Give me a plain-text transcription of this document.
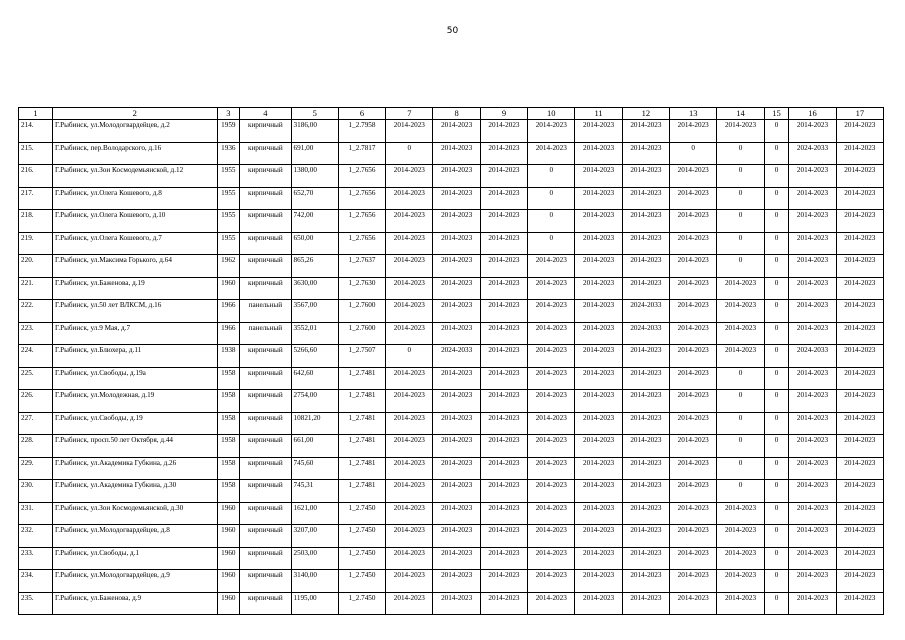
50
1	2	3	4	5	6	7	8	9	10	11	12	13	14	15	16	17
214.	Г.Рыбинск, ул.Молодогвардейцев, д.2	1959	кирпичный	3186,00	1_2.7958	2014-2023	2014-2023	2014-2023	2014-2023	2014-2023	2014-2023	2014-2023	2014-2023	0	2014-2023	2014-2023
215.	Г.Рыбинск, пер.Володарского, д.16	1936	кирпичный	691,00	1_2.7817	0	2014-2023	2014-2023	2014-2023	2014-2023	2014-2023	0	0	0	2024-2033	2014-2023
216.	Г.Рыбинск, ул.Зои Космодемьянской, д.12	1955	кирпичный	1380,00	1_2.7656	2014-2023	2014-2023	2014-2023	0	2014-2023	2014-2023	2014-2023	0	0	2014-2023	2014-2023
217.	Г.Рыбинск, ул.Олега Кошевого, д.8	1955	кирпичный	652,70	1_2.7656	2014-2023	2014-2023	2014-2023	0	2014-2023	2014-2023	2014-2023	0	0	2014-2023	2014-2023
218.	Г.Рыбинск, ул.Олега Кошевого, д.10	1955	кирпичный	742,00	1_2.7656	2014-2023	2014-2023	2014-2023	0	2014-2023	2014-2023	2014-2023	0	0	2014-2023	2014-2023
219.	Г.Рыбинск, ул.Олега Кошевого, д.7	1955	кирпичный	650,00	1_2.7656	2014-2023	2014-2023	2014-2023	0	2014-2023	2014-2023	2014-2023	0	0	2014-2023	2014-2023
220.	Г.Рыбинск, ул.Максима Горького, д.64	1962	кирпичный	865,26	1_2.7637	2014-2023	2014-2023	2014-2023	2014-2023	2014-2023	2014-2023	2014-2023	0	0	2014-2023	2014-2023
221.	Г.Рыбинск, ул.Баженова, д.19	1960	кирпичный	3630,00	1_2.7630	2014-2023	2014-2023	2014-2023	2014-2023	2014-2023	2014-2023	2014-2023	2014-2023	0	2014-2023	2014-2023
222.	Г.Рыбинск, ул.50 лет ВЛКСМ, д.16	1966	панельный	3567,00	1_2.7600	2014-2023	2014-2023	2014-2023	2014-2023	2014-2023	2024-2033	2014-2023	2014-2023	0	2014-2023	2014-2023
223.	Г.Рыбинск, ул.9 Мая, д.7	1966	панельный	3552,01	1_2.7600	2014-2023	2014-2023	2014-2023	2014-2023	2014-2023	2024-2033	2014-2023	2014-2023	0	2014-2023	2014-2023
224.	Г.Рыбинск, ул.Блюхера, д.11	1938	кирпичный	5266,60	1_2.7507	0	2024-2033	2014-2023	2014-2023	2014-2023	2014-2023	2014-2023	2014-2023	0	2024-2033	2014-2023
225.	Г.Рыбинск, ул.Свободы, д.19а	1958	кирпичный	642,60	1_2.7481	2014-2023	2014-2023	2014-2023	2014-2023	2014-2023	2014-2023	2014-2023	0	0	2014-2023	2014-2023
226.	Г.Рыбинск, ул.Молодежная, д.19	1958	кирпичный	2754,00	1_2.7481	2014-2023	2014-2023	2014-2023	2014-2023	2014-2023	2014-2023	2014-2023	0	0	2014-2023	2014-2023
227.	Г.Рыбинск, ул.Свободы, д.19	1958	кирпичный	10821,20	1_2.7481	2014-2023	2014-2023	2014-2023	2014-2023	2014-2023	2014-2023	2014-2023	0	0	2014-2023	2014-2023
228.	Г.Рыбинск, просп.50 лет Октября, д.44	1958	кирпичный	661,00	1_2.7481	2014-2023	2014-2023	2014-2023	2014-2023	2014-2023	2014-2023	2014-2023	0	0	2014-2023	2014-2023
229.	Г.Рыбинск, ул.Академика Губкина, д.26	1958	кирпичный	745,60	1_2.7481	2014-2023	2014-2023	2014-2023	2014-2023	2014-2023	2014-2023	2014-2023	0	0	2014-2023	2014-2023
230.	Г.Рыбинск, ул.Академика Губкина, д.30	1958	кирпичный	745,31	1_2.7481	2014-2023	2014-2023	2014-2023	2014-2023	2014-2023	2014-2023	2014-2023	0	0	2014-2023	2014-2023
231.	Г.Рыбинск, ул.Зои Космодемьянской, д.30	1960	кирпичный	1621,00	1_2.7450	2014-2023	2014-2023	2014-2023	2014-2023	2014-2023	2014-2023	2014-2023	2014-2023	0	2014-2023	2014-2023
232.	Г.Рыбинск, ул.Молодогвардейцев, д.8	1960	кирпичный	3207,00	1_2.7450	2014-2023	2014-2023	2014-2023	2014-2023	2014-2023	2014-2023	2014-2023	2014-2023	0	2014-2023	2014-2023
233.	Г.Рыбинск, ул.Свободы, д.1	1960	кирпичный	2503,00	1_2.7450	2014-2023	2014-2023	2014-2023	2014-2023	2014-2023	2014-2023	2014-2023	2014-2023	0	2014-2023	2014-2023
234.	Г.Рыбинск, ул.Молодогвардейцев, д.9	1960	кирпичный	3140,00	1_2.7450	2014-2023	2014-2023	2014-2023	2014-2023	2014-2023	2014-2023	2014-2023	2014-2023	0	2014-2023	2014-2023
235.	Г.Рыбинск, ул.Баженова, д.9	1960	кирпичный	1195,00	1_2.7450	2014-2023	2014-2023	2014-2023	2014-2023	2014-2023	2014-2023	2014-2023	2014-2023	0	2014-2023	2014-2023
